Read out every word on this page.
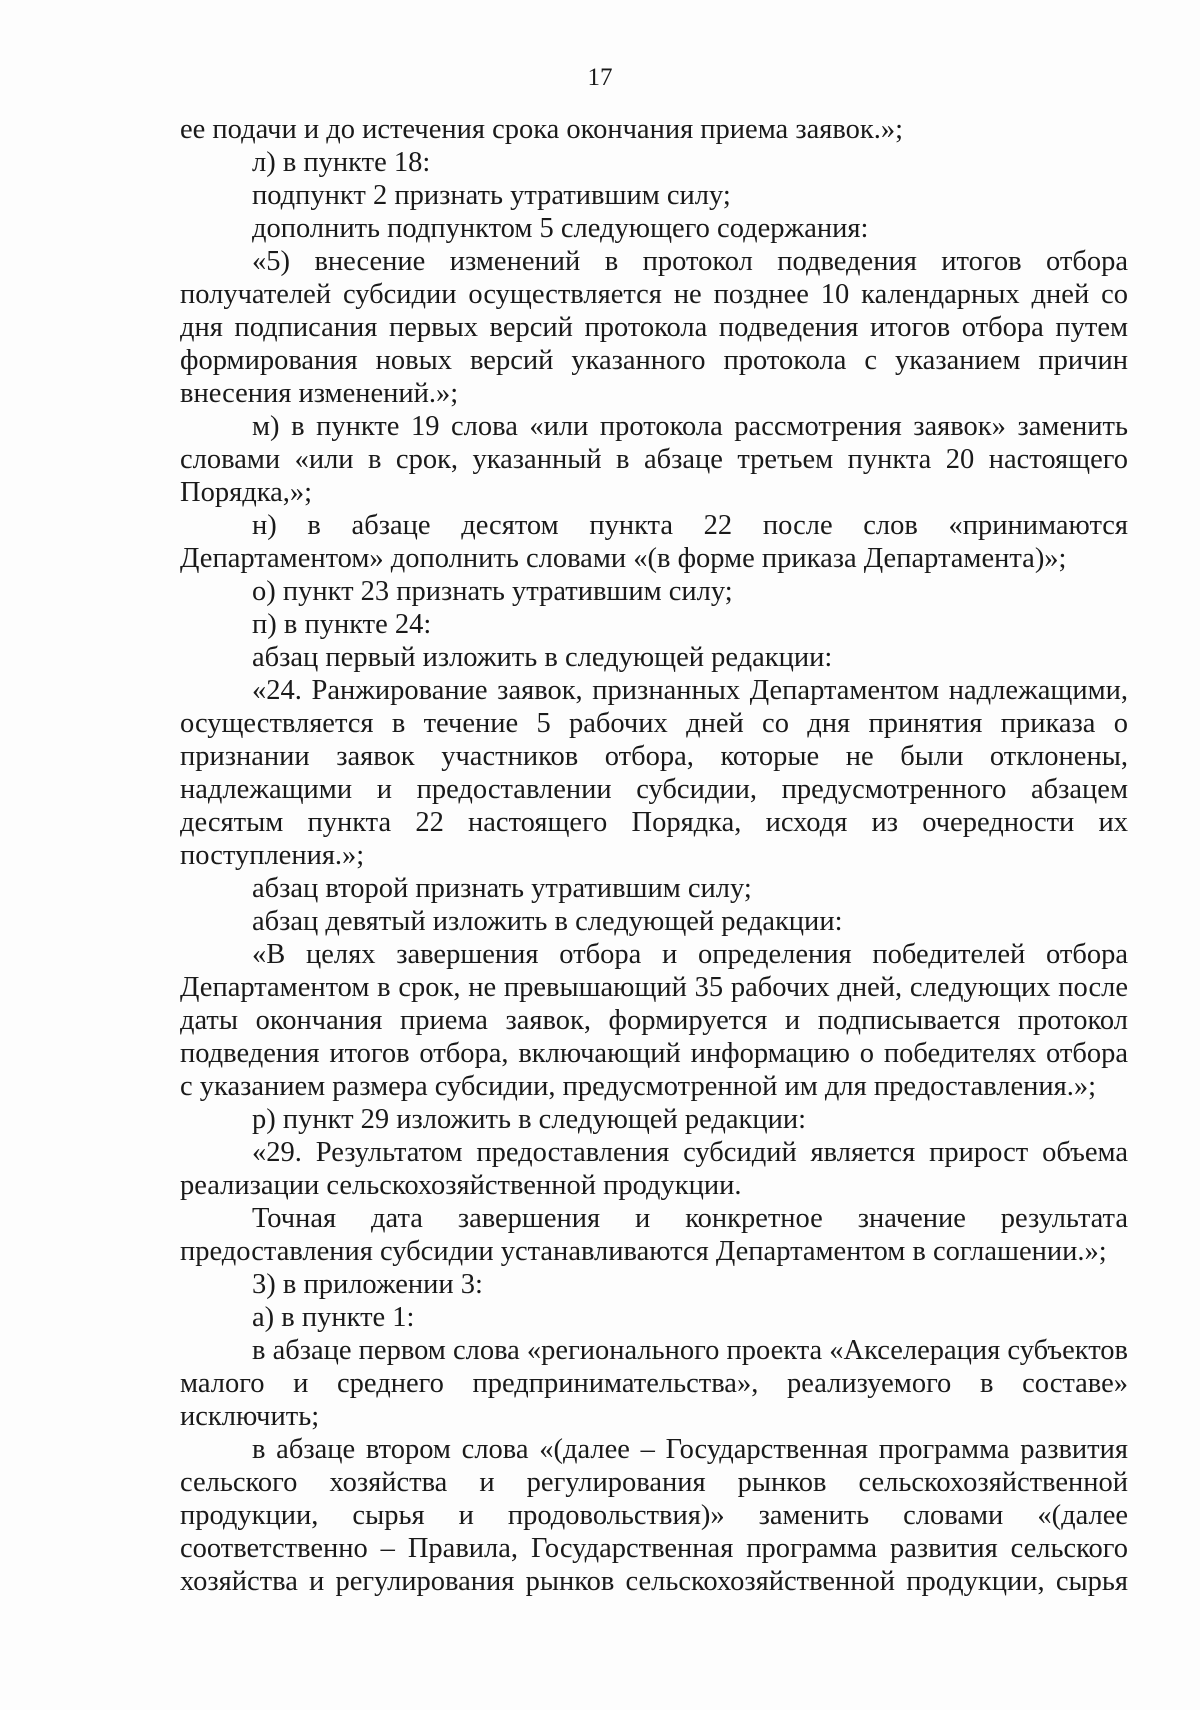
17

ее подачи и до истечения срока окончания приема заявок.»;

л) в пункте 18:

подпункт 2 признать утратившим силу;

дополнить подпунктом 5 следующего содержания:

«5) внесение изменений в протокол подведения итогов отбора получателей субсидии осуществляется не позднее 10 календарных дней со дня подписания первых версий протокола подведения итогов отбора путем формирования новых версий указанного протокола с указанием причин внесения изменений.»;

м) в пункте 19 слова «или протокола рассмотрения заявок» заменить словами «или в срок, указанный в абзаце третьем пункта 20 настоящего Порядка,»;

н) в абзаце десятом пункта 22 после слов «принимаются Департаментом» дополнить словами «(в форме приказа Департамента)»;

о) пункт 23 признать утратившим силу;

п) в пункте 24:

абзац первый изложить в следующей редакции:

«24. Ранжирование заявок, признанных Департаментом надлежащими, осуществляется в течение 5 рабочих дней со дня принятия приказа о признании заявок участников отбора, которые не были отклонены, надлежащими и предоставлении субсидии, предусмотренного абзацем десятым пункта 22 настоящего Порядка, исходя из очередности их поступления.»;

абзац второй признать утратившим силу;

абзац девятый изложить в следующей редакции:

«В целях завершения отбора и определения победителей отбора Департаментом в срок, не превышающий 35 рабочих дней, следующих после даты окончания приема заявок, формируется и подписывается протокол подведения итогов отбора, включающий информацию о победителях отбора с указанием размера субсидии, предусмотренной им для предоставления.»;

р) пункт 29 изложить в следующей редакции:

«29. Результатом предоставления субсидий является прирост объема реализации сельскохозяйственной продукции.

Точная дата завершения и конкретное значение результата предоставления субсидии устанавливаются Департаментом в соглашении.»;

3) в приложении 3:

а) в пункте 1:

в абзаце первом слова «регионального проекта «Акселерация субъектов малого и среднего предпринимательства», реализуемого в составе» исключить;

в абзаце втором слова «(далее – Государственная программа развития сельского хозяйства и регулирования рынков сельскохозяйственной продукции, сырья и продовольствия)» заменить словами «(далее соответственно – Правила, Государственная программа развития сельского хозяйства и регулирования рынков сельскохозяйственной продукции, сырья
